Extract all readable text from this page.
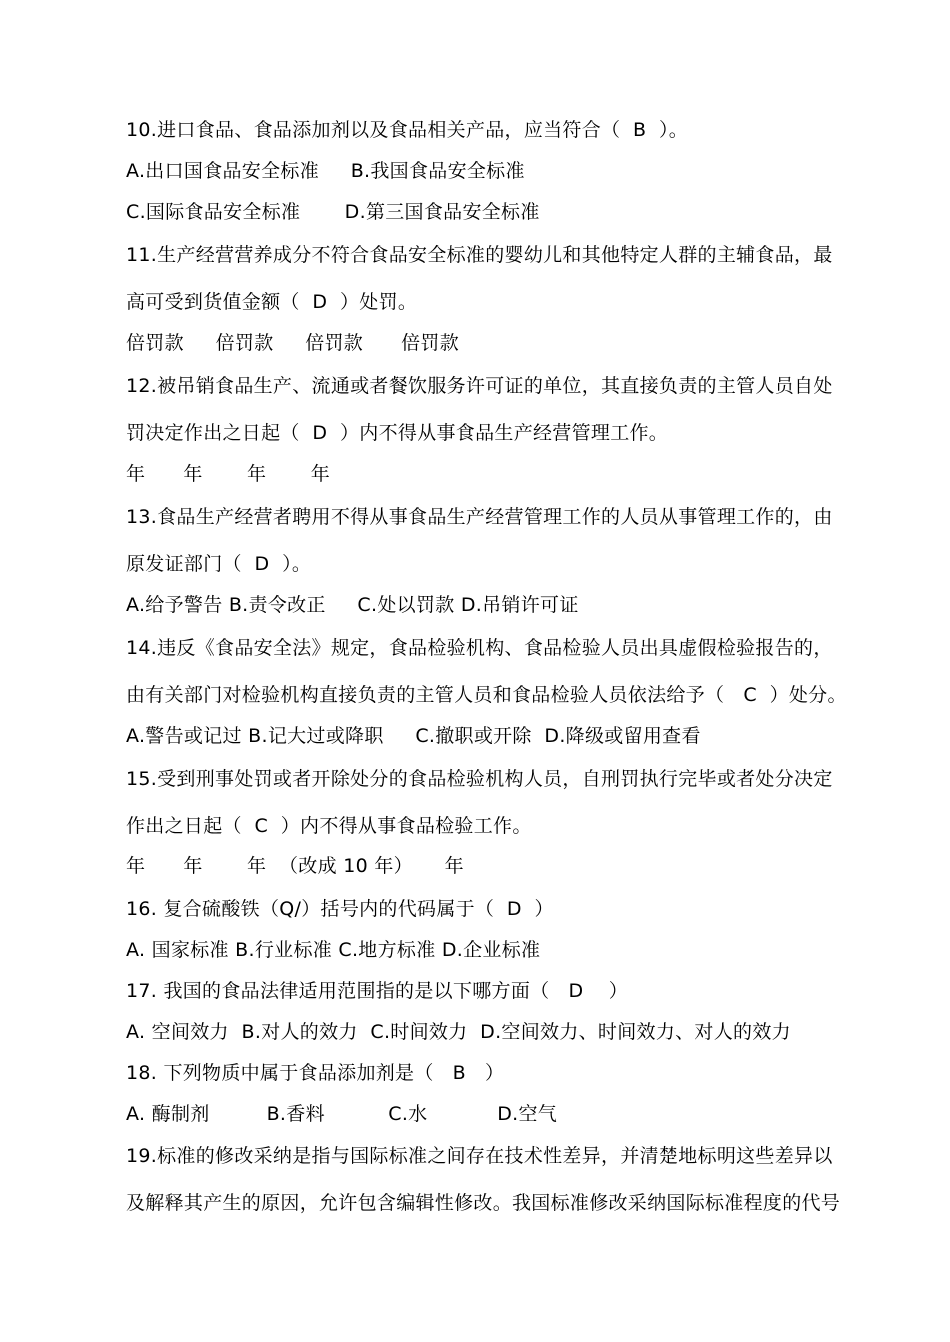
10.进口食品、食品添加剂以及食品相关产品，应当符合（  B  ）。
A.出口国食品安全标准     B.我国食品安全标准
C.国际食品安全标准       D.第三国食品安全标准
11.生产经营营养成分不符合食品安全标准的婴幼儿和其他特定人群的主辅食品，最
高可受到货值金额（  D  ）处罚。
倍罚款     倍罚款     倍罚款      倍罚款
12.被吊销食品生产、流通或者餐饮服务许可证的单位，其直接负责的主管人员自处
罚决定作出之日起（  D  ）内不得从事食品生产经营管理工作。
年      年       年       年
13.食品生产经营者聘用不得从事食品生产经营管理工作的人员从事管理工作的，由
原发证部门（  D  ）。
A.给予警告 B.责令改正     C.处以罚款 D.吊销许可证
14.违反《食品安全法》规定，食品检验机构、食品检验人员出具虚假检验报告的，
由有关部门对检验机构直接负责的主管人员和食品检验人员依法给予（   C  ）处分。
A.警告或记过 B.记大过或降职     C.撤职或开除  D.降级或留用查看
15.受到刑事处罚或者开除处分的食品检验机构人员，自刑罚执行完毕或者处分决定
作出之日起（  C  ）内不得从事食品检验工作。
年      年       年  （改成 10 年）     年
16. 复合硫酸铁（Q/）括号内的代码属于（  D  ）
A. 国家标准 B.行业标准 C.地方标准 D.企业标准
17. 我国的食品法律适用范围指的是以下哪方面（   D    ）
A. 空间效力  B.对人的效力  C.时间效力  D.空间效力、时间效力、对人的效力
18. 下列物质中属于食品添加剂是（   B   ）
A. 酶制剂         B.香料          C.水           D.空气
19.标准的修改采纳是指与国际标准之间存在技术性差异，并清楚地标明这些差异以
及解释其产生的原因，允许包含编辑性修改。我国标准修改采纳国际标准程度的代号
